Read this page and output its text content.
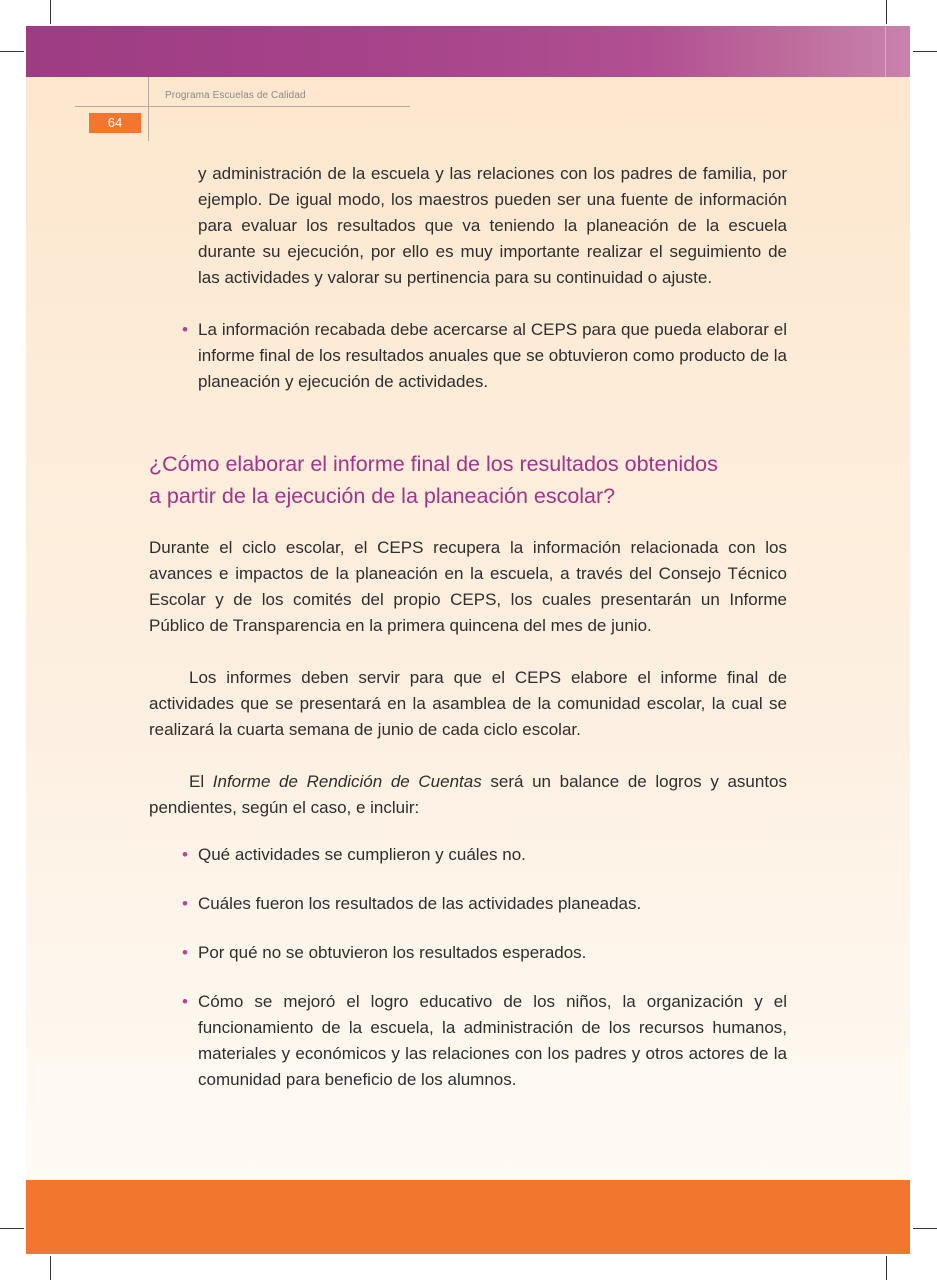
Programa Escuelas de Calidad
64

y administración de la escuela y las relaciones con los padres de familia, por ejemplo. De igual modo, los maestros pueden ser una fuente de información para evaluar los resultados que va teniendo la planeación de la escuela durante su ejecución, por ello es muy importante realizar el seguimiento de las actividades y valorar su pertinencia para su continuidad o ajuste.

• La información recabada debe acercarse al CEPS para que pueda elaborar el informe final de los resultados anuales que se obtuvieron como producto de la planeación y ejecución de actividades.
¿Cómo elaborar el informe final de los resultados obtenidos
a partir de la ejecución de la planeación escolar?

Durante el ciclo escolar, el CEPS recupera la información relacionada con los avances e impactos de la planeación en la escuela, a través del Consejo Técnico Escolar y de los comités del propio CEPS, los cuales presentarán un Informe Público de Transparencia en la primera quincena del mes de junio.

Los informes deben servir para que el CEPS elabore el informe final de actividades que se presentará en la asamblea de la comunidad escolar, la cual se realizará la cuarta semana de junio de cada ciclo escolar.

El Informe de Rendición de Cuentas será un balance de logros y asuntos pendientes, según el caso, e incluir:

• Qué actividades se cumplieron y cuáles no.
• Cuáles fueron los resultados de las actividades planeadas.
• Por qué no se obtuvieron los resultados esperados.
• Cómo se mejoró el logro educativo de los niños, la organización y el funcionamiento de la escuela, la administración de los recursos humanos, materiales y económicos y las relaciones con los padres y otros actores de la comunidad para beneficio de los alumnos.
